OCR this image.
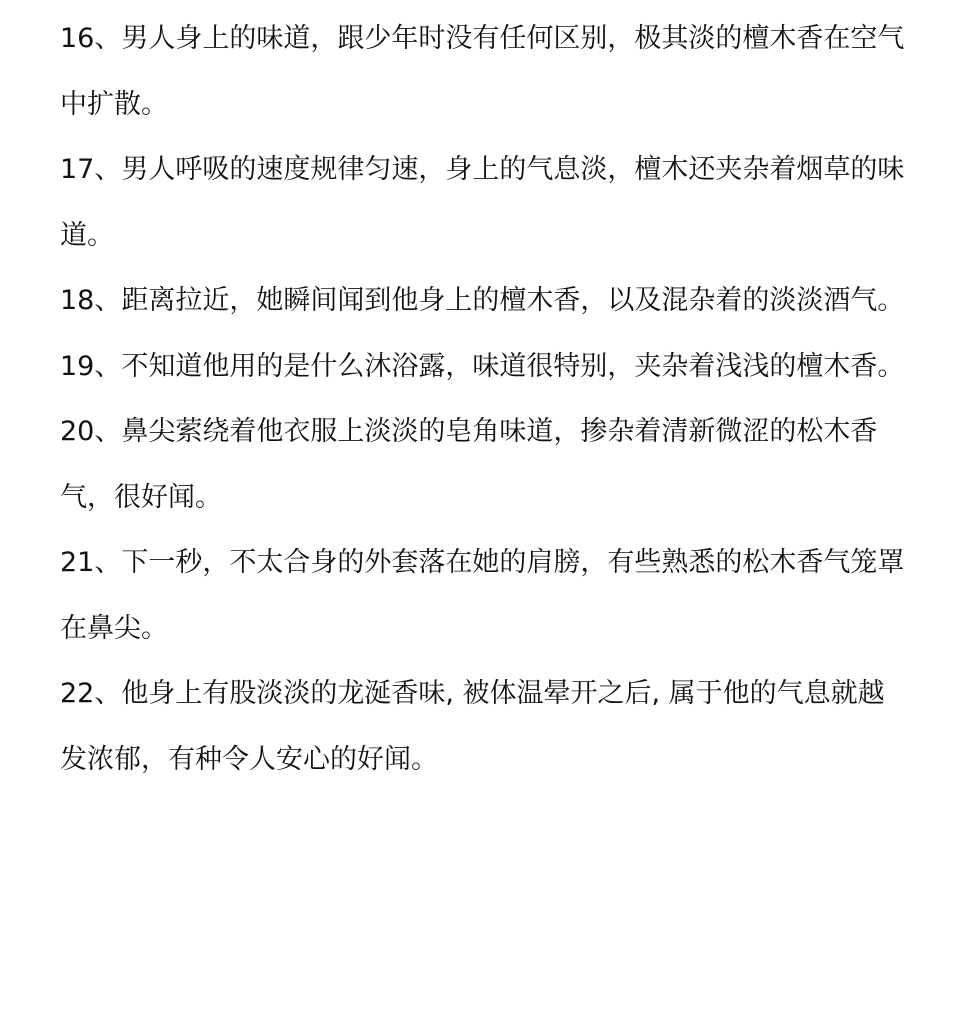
16、男人身上的味道，跟少年时没有任何区别，极其淡的檀木香在空气中扩散。

17、男人呼吸的速度规律匀速，身上的气息淡，檀木还夹杂着烟草的味道。

18、距离拉近，她瞬间闻到他身上的檀木香，以及混杂着的淡淡酒气。

19、不知道他用的是什么沐浴露，味道很特别，夹杂着浅浅的檀木香。

20、鼻尖萦绕着他衣服上淡淡的皂角味道，掺杂着清新微涩的松木香气，很好闻。

21、下一秒，不太合身的外套落在她的肩膀，有些熟悉的松木香气笼罩在鼻尖。

22、他身上有股淡淡的龙涎香味, 被体温晕开之后, 属于他的气息就越发浓郁，有种令人安心的好闻。
